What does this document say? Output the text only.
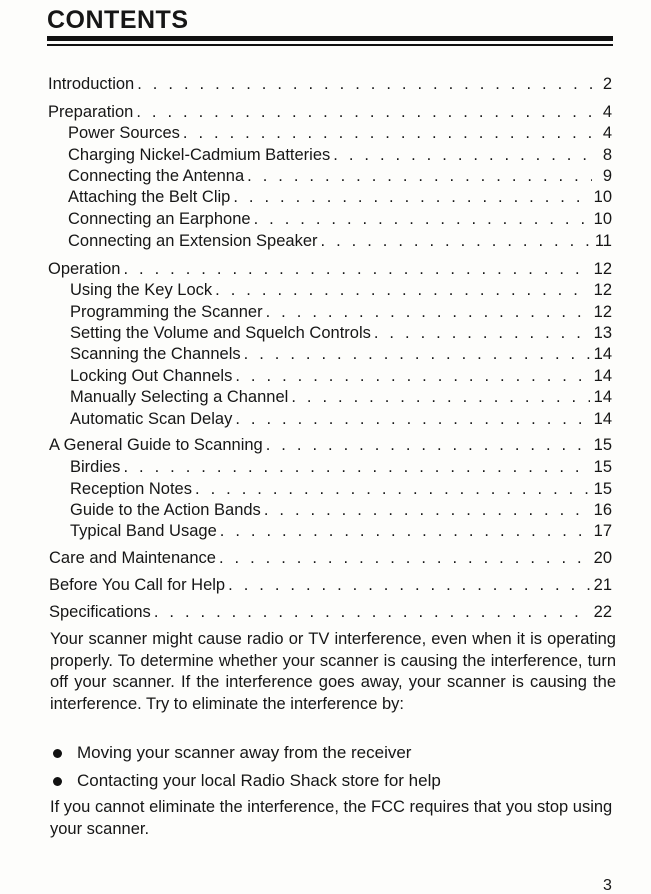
CONTENTS
Introduction . . .	2
Preparation . . .	4
Power Sources . . .	4
Charging Nickel-Cadmium Batteries . . .	8
Connecting the Antenna . . .	9
Attaching the Belt Clip . . .	10
Connecting an Earphone . . .	10
Connecting an Extension Speaker . . .	11
Operation . . .	12
Using the Key Lock . . .	12
Programming the Scanner . . .	12
Setting the Volume and Squelch Controls . . .	13
Scanning the Channels . . .	14
Locking Out Channels . . .	14
Manually Selecting a Channel . . .	14
Automatic Scan Delay . . .	14
A General Guide to Scanning . . .	15
Birdies . . .	15
Reception Notes . . .	15
Guide to the Action Bands . . .	16
Typical Band Usage . . .	17
Care and Maintenance . . .	20
Before You Call for Help . . .	21
Specifications . . .	22

Your scanner might cause radio or TV interference, even when it is operating properly. To determine whether your scanner is causing the interference, turn off your scanner. If the interference goes away, your scanner is causing the interference. Try to eliminate the interference by:

Moving your scanner away from the receiver
Contacting your local Radio Shack store for help

If you cannot eliminate the interference, the FCC requires that you stop using your scanner.

3
